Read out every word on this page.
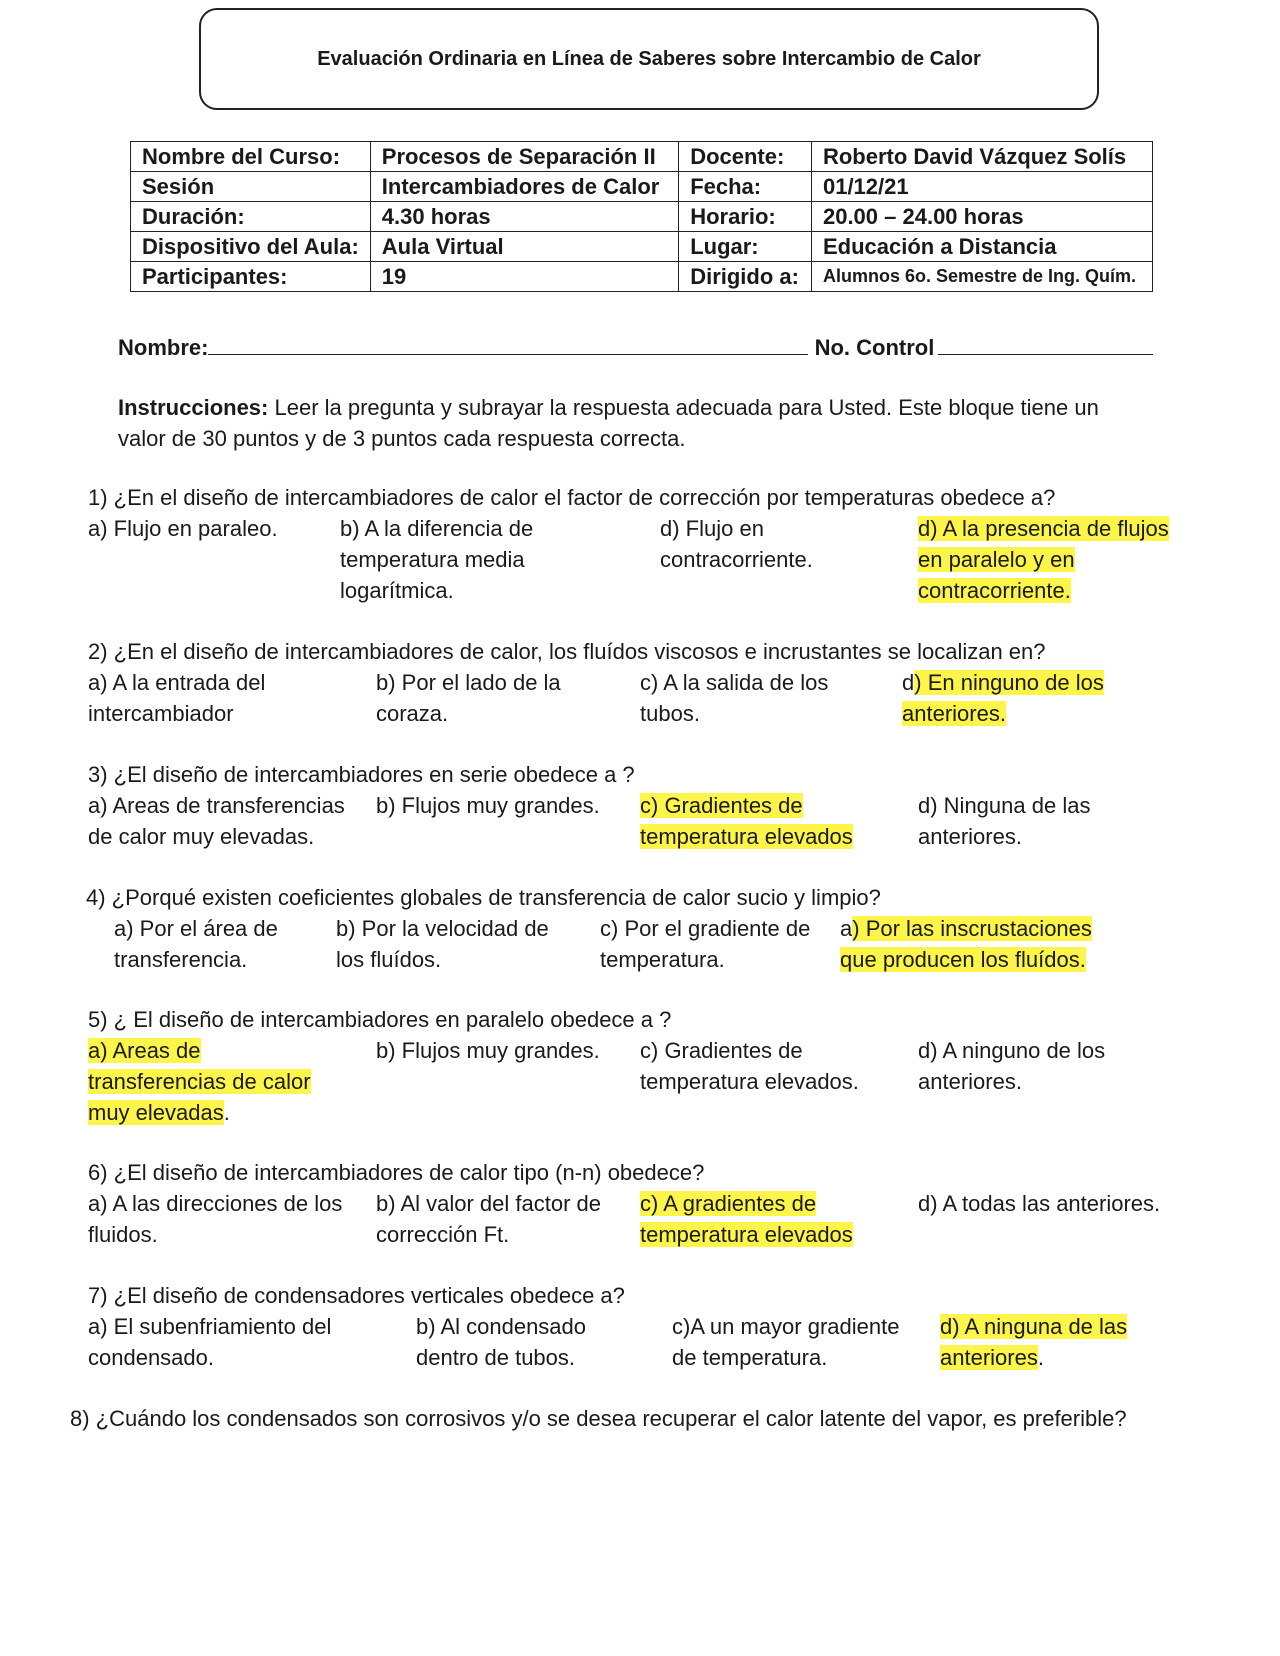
Evaluación Ordinaria en Línea de Saberes sobre Intercambio de Calor
Nombre del Curso:	Procesos de Separación II	Docente:	Roberto David Vázquez Solís
Sesión	Intercambiadores de Calor	Fecha:	01/12/21
Duración:	4.30 horas	Horario:	20.00 – 24.00 horas
Dispositivo del Aula:	Aula Virtual	Lugar:	Educación a Distancia
Participantes:	19	Dirigido a:	Alumnos 6o. Semestre de Ing. Quím.
Nombre:	No. Control
Instrucciones: Leer la pregunta y subrayar la respuesta adecuada para Usted. Este bloque tiene un valor de 30 puntos y de 3 puntos cada respuesta correcta.
1) ¿En el diseño de intercambiadores de calor el factor de corrección por temperaturas obedece a?
a) Flujo en paraleo.	b) A la diferencia de temperatura media logarítmica.
d) Flujo en contracorriente.
d) A la presencia de flujos en paralelo y en contracorriente.
2) ¿En el diseño de intercambiadores de calor, los fluídos viscosos e incrustantes se localizan en?
a) A la entrada del intercambiador
b) Por el lado de la coraza.
c) A la salida de los tubos.
d) En ninguno de los anteriores.
3) ¿El diseño de intercambiadores en serie obedece a ?
a) Areas de transferencias de calor muy elevadas.
b) Flujos muy grandes.	c) Gradientes de temperatura elevados
d) Ninguna de las anteriores.
4) ¿Porqué existen coeficientes globales de transferencia de calor sucio y limpio?
a) Por el área de transferencia.
b) Por la velocidad de los fluídos.
c) Por el gradiente de temperatura.
a) Por las inscrustaciones que producen los fluídos.
5) ¿ El diseño de intercambiadores en paralelo obedece a ?
a) Areas de transferencias de calor muy elevadas.
b) Flujos muy grandes.	c) Gradientes de temperatura elevados.
d) A ninguno de los anteriores.
6) ¿El diseño de intercambiadores de calor tipo (n-n) obedece?
a) A las direcciones de los fluidos.
b) Al valor del factor de corrección Ft.
c) A gradientes de temperatura elevados
d) A todas las anteriores.
7) ¿El diseño de condensadores verticales obedece a?
a) El subenfriamiento del condensado.
b) Al condensado dentro de tubos.
c)A un mayor gradiente de temperatura.
d) A ninguna de las anteriores.
8) ¿Cuándo los condensados son corrosivos y/o se desea recuperar el calor latente del vapor, es preferible?
